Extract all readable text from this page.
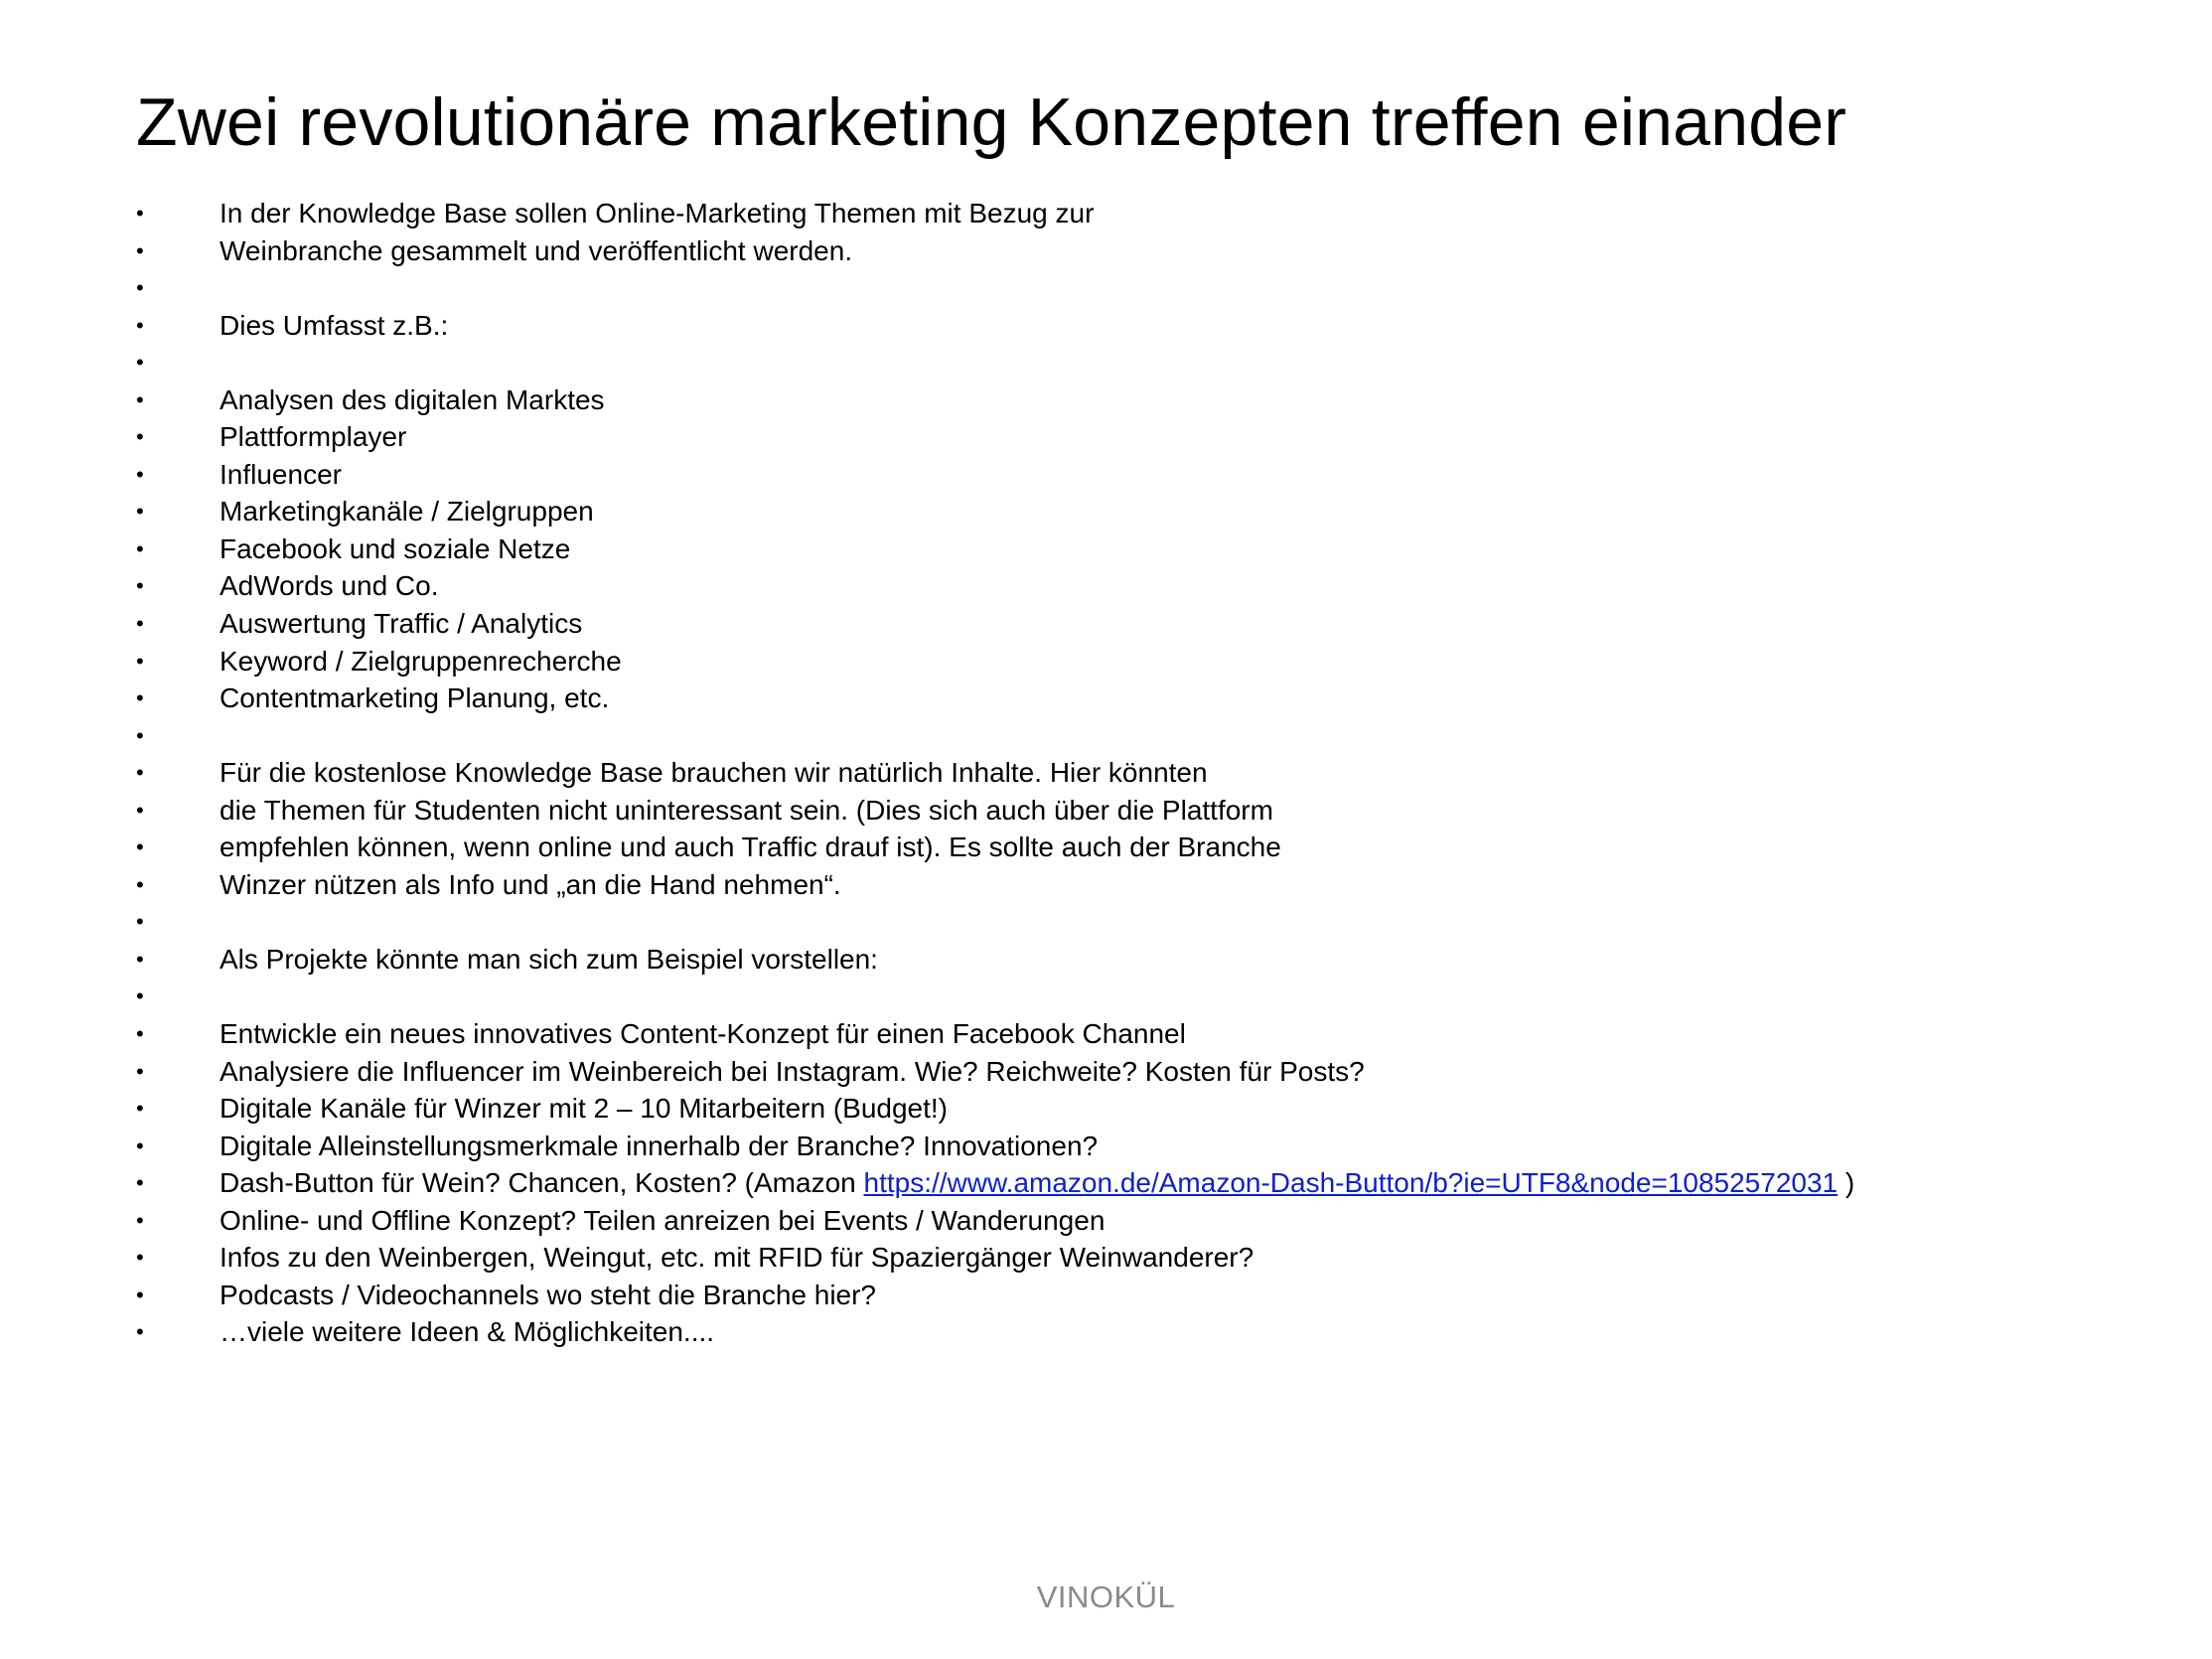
Zwei revolutionäre marketing Konzepten treffen einander
•	In der Knowledge Base sollen Online-Marketing Themen mit Bezug zur
•	Weinbranche gesammelt und veröffentlicht werden.
•
•	Dies Umfasst z.B.:
•
•	Analysen des digitalen Marktes
•	Plattformplayer
•	Influencer
•	Marketingkanäle / Zielgruppen
•	Facebook und soziale Netze
•	AdWords und Co.
•	Auswertung Traffic / Analytics
•	Keyword / Zielgruppenrecherche
•	Contentmarketing Planung, etc.
•
•	Für die kostenlose Knowledge Base brauchen wir natürlich Inhalte. Hier könnten
•	die Themen für Studenten nicht uninteressant sein. (Dies sich auch über die Plattform
•	empfehlen können, wenn online und auch Traffic drauf ist). Es sollte auch der Branche
•	Winzer nützen als Info und „an die Hand nehmen“.
•
•	Als Projekte könnte man sich zum Beispiel vorstellen:
•
•	Entwickle ein neues innovatives Content-Konzept für einen Facebook Channel
•	Analysiere die Influencer im Weinbereich bei Instagram. Wie? Reichweite? Kosten für Posts?
•	Digitale Kanäle für Winzer mit 2 – 10 Mitarbeitern (Budget!)
•	Digitale Alleinstellungsmerkmale innerhalb der Branche? Innovationen?
•	Dash-Button für Wein? Chancen, Kosten? (Amazon https://www.amazon.de/Amazon-Dash-Button/b?ie=UTF8&node=10852572031 )
•	Online- und Offline Konzept? Teilen anreizen bei Events / Wanderungen
•	Infos zu den Weinbergen, Weingut, etc. mit RFID für Spaziergänger Weinwanderer?
•	Podcasts / Videochannels wo steht die Branche hier?
•	…viele weitere Ideen & Möglichkeiten....
VINOKÜL
